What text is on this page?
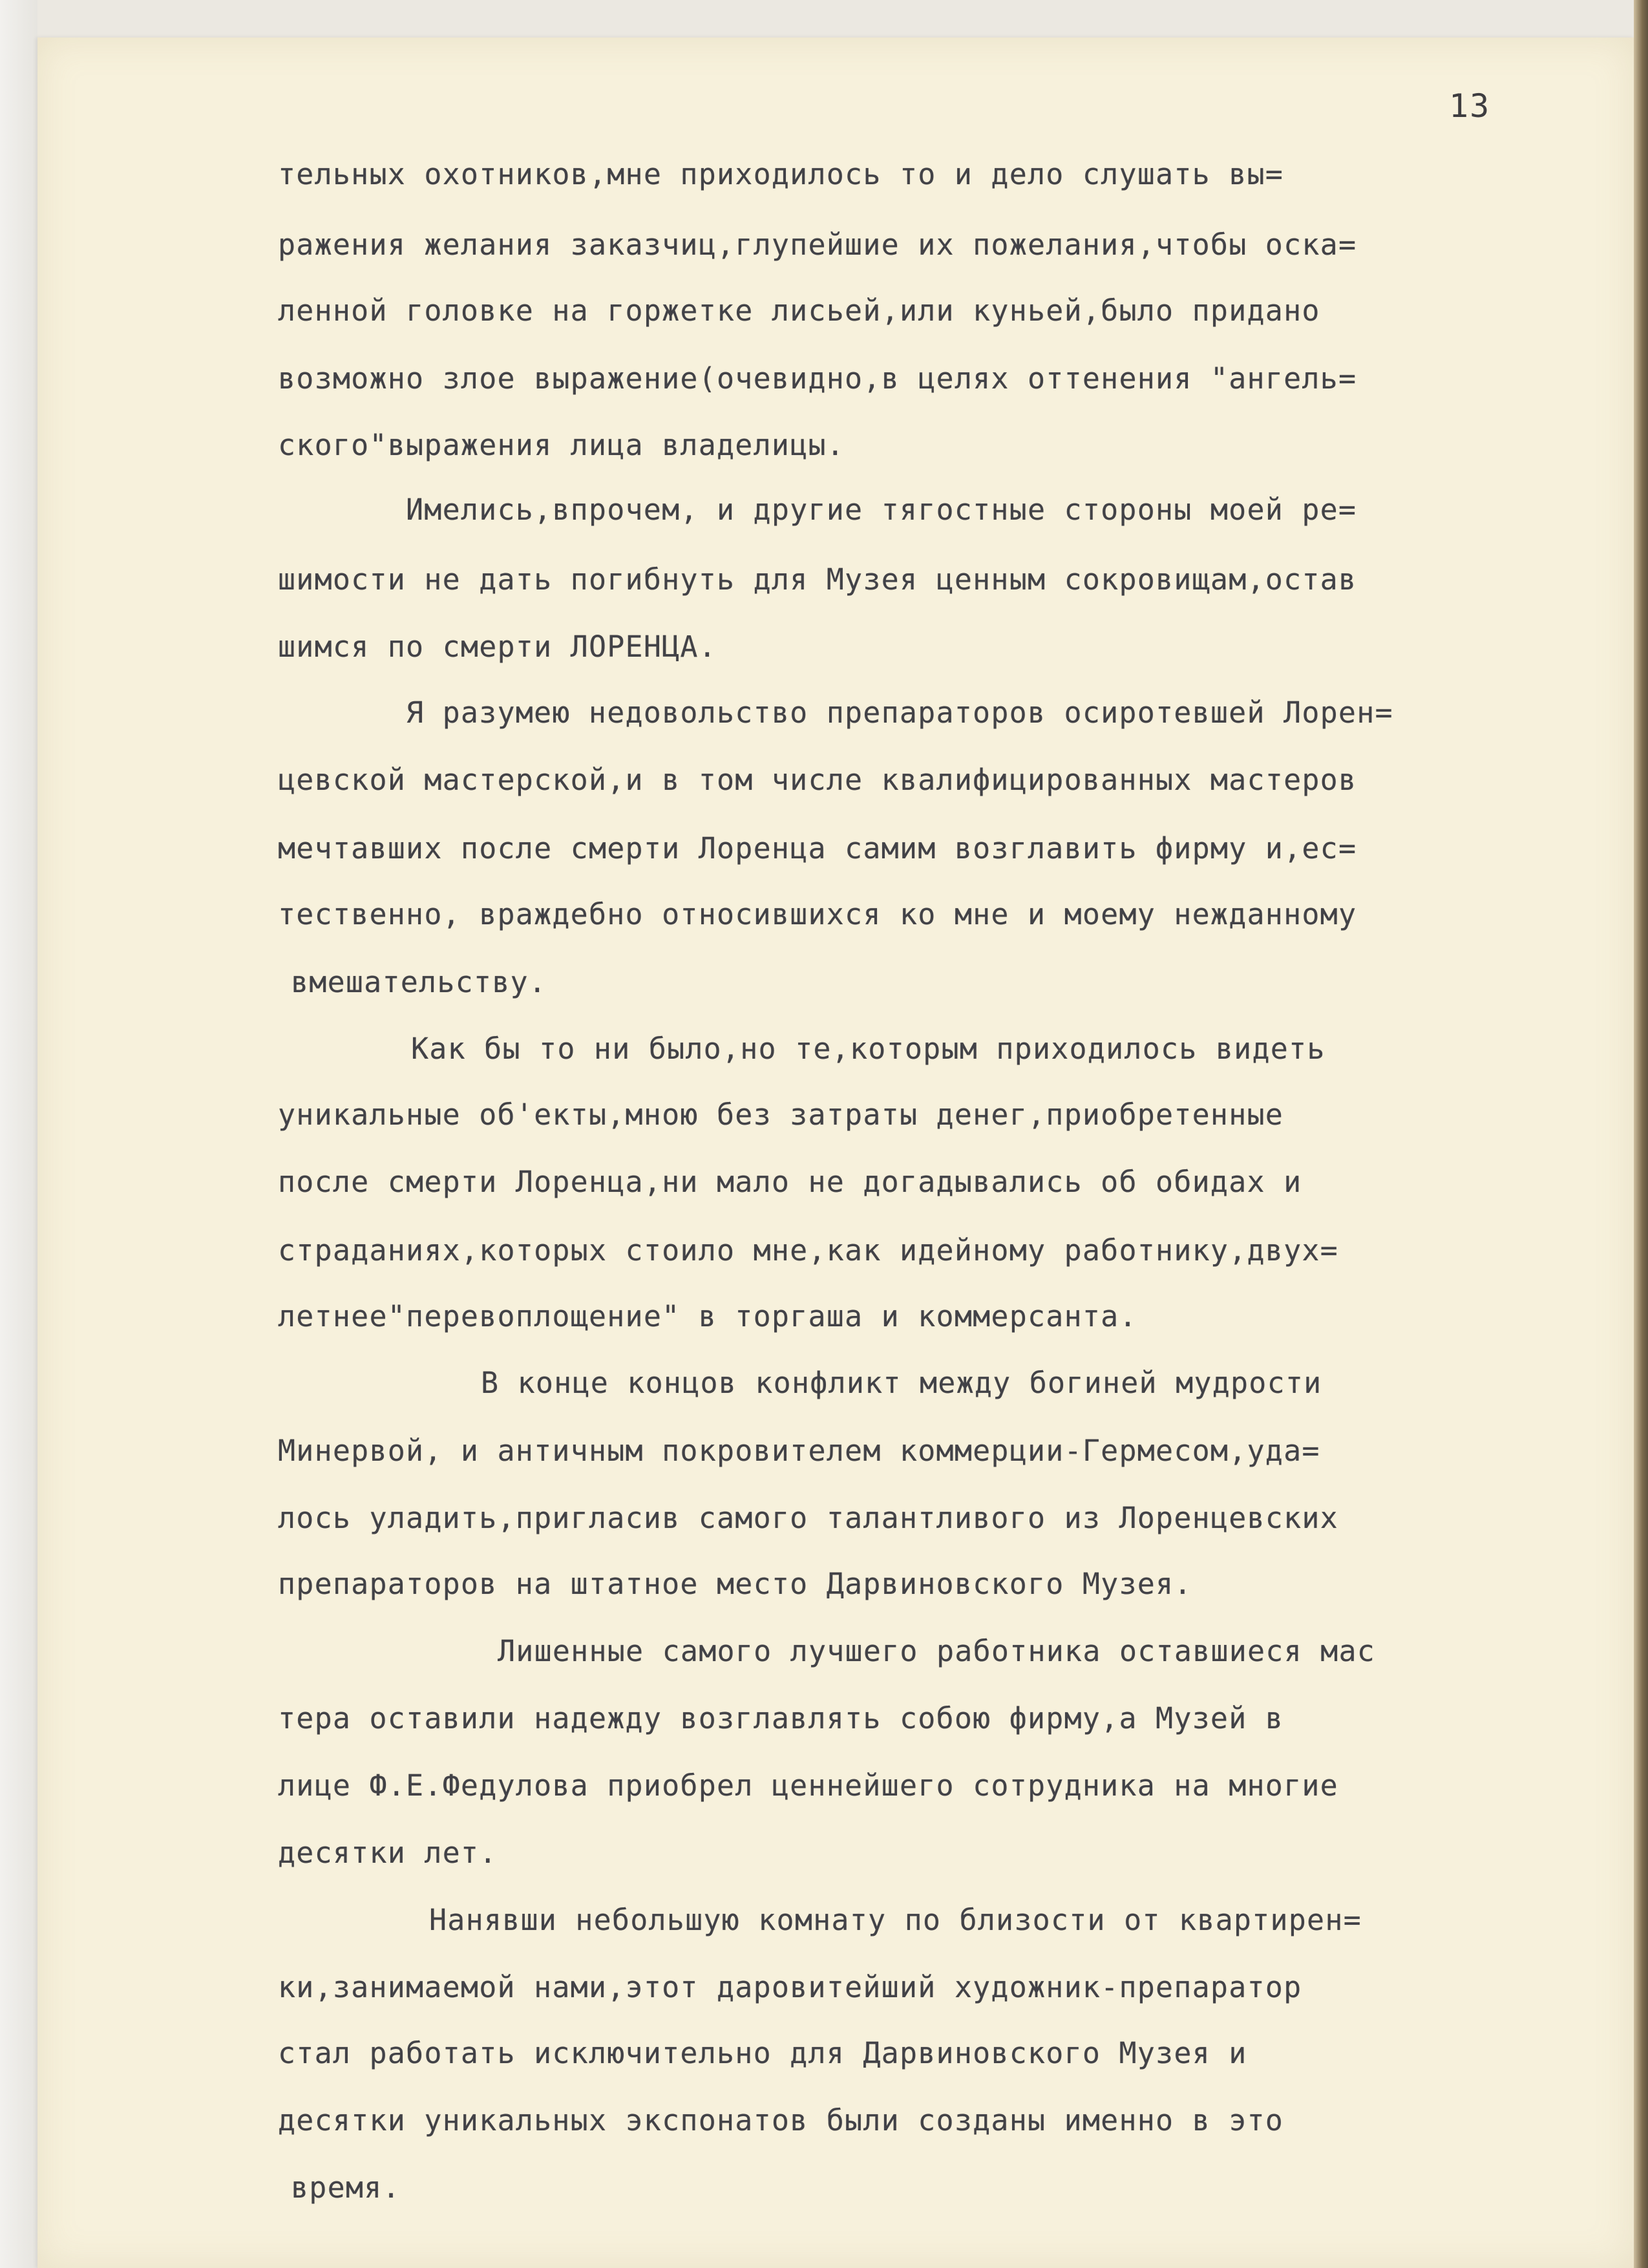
13
тельных охотников,мне приходилось то и дело слушать вы=
ражения желания заказчиц,глупейшие их пожелания,чтобы оска=
ленной головке на горжетке лисьей,или куньей,было придано
возможно злое выражение(очевидно,в целях оттенения "ангель=
ского"выражения лица владелицы.
Имелись,впрочем, и другие тягостные стороны моей ре=
шимости не дать погибнуть для Музея ценным сокровищам,остав
шимся по смерти ЛОРЕНЦА.
Я разумею недовольство препараторов осиротевшей Лорен=
цевской мастерской,и в том числе квалифицированных мастеров
мечтавших после смерти Лоренца самим возглавить фирму и,ес=
тественно, враждебно относившихся ко мне и моему нежданному
вмешательству.
Как бы то ни было,но те,которым приходилось видеть
уникальные об'екты,мною без затраты денег,приобретенные
после смерти Лоренца,ни мало не догадывались об обидах и
страданиях,которых стоило мне,как идейному работнику,двух=
летнее"перевоплощение" в торгаша и коммерсанта.
В конце концов конфликт между богиней мудрости
Минервой, и античным покровителем коммерции-Гермесом,уда=
лось уладить,пригласив самого талантливого из Лоренцевских
препараторов на штатное место Дарвиновского Музея.
Лишенные самого лучшего работника оставшиеся мас
тера оставили надежду возглавлять собою фирму,а Музей в
лице Ф.Е.Федулова приобрел ценнейшего сотрудника на многие
десятки лет.
Нанявши небольшую комнату по близости от квартирен=
ки,занимаемой нами,этот даровитейший художник-препаратор
стал работать исключительно для Дарвиновского Музея и
десятки уникальных экспонатов были созданы именно в это
время.
